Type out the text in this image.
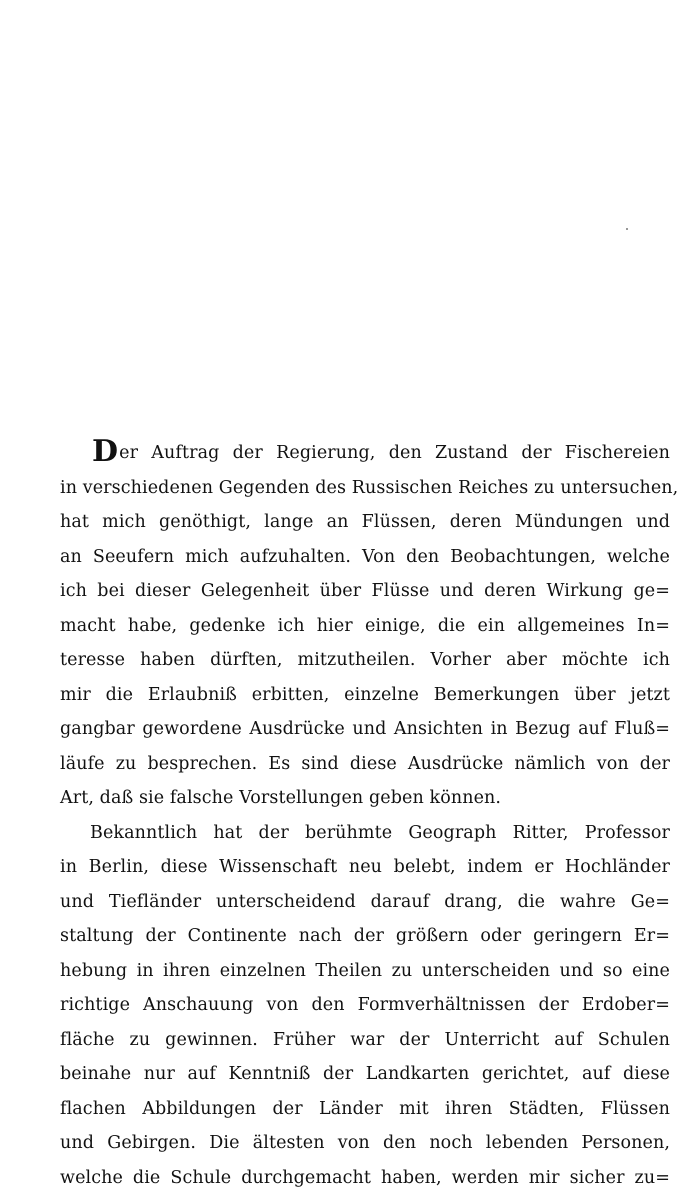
Der Auftrag der Regierung, den Zustand der Fischereien
in verschiedenen Gegenden des Russischen Reiches zu untersuchen,
hat mich genöthigt, lange an Flüssen, deren Mündungen und
an Seeufern mich aufzuhalten. Von den Beobachtungen, welche
ich bei dieser Gelegenheit über Flüsse und deren Wirkung ge=
macht habe, gedenke ich hier einige, die ein allgemeines In=
teresse haben dürften, mitzutheilen. Vorher aber möchte ich
mir die Erlaubniß erbitten, einzelne Bemerkungen über jetzt
gangbar gewordene Ausdrücke und Ansichten in Bezug auf Fluß=
läufe zu besprechen. Es sind diese Ausdrücke nämlich von der
Art, daß sie falsche Vorstellungen geben können.
Bekanntlich hat der berühmte Geograph Ritter, Professor
in Berlin, diese Wissenschaft neu belebt, indem er Hochländer
und Tiefländer unterscheidend darauf drang, die wahre Ge=
staltung der Continente nach der größern oder geringern Er=
hebung in ihren einzelnen Theilen zu unterscheiden und so eine
richtige Anschauung von den Formverhältnissen der Erdober=
fläche zu gewinnen. Früher war der Unterricht auf Schulen
beinahe nur auf Kenntniß der Landkarten gerichtet, auf diese
flachen Abbildungen der Länder mit ihren Städten, Flüssen
und Gebirgen. Die ältesten von den noch lebenden Personen,
welche die Schule durchgemacht haben, werden mir sicher zu=
